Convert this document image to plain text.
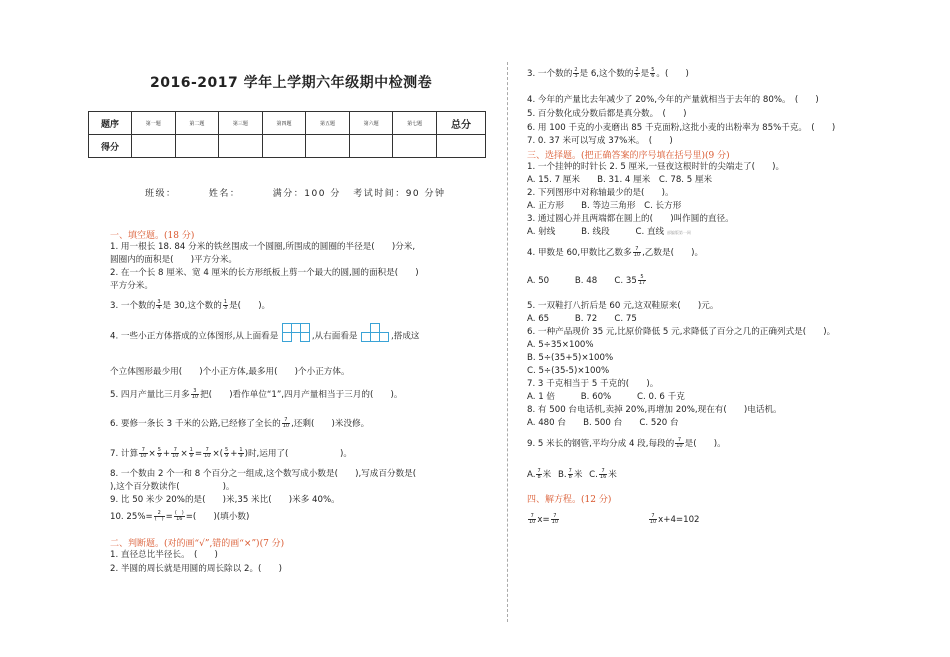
2016-2017 学年上学期六年级期中检测卷
题序	第一题	第二题	第三题	第四题	第五题	第六题	第七题	总分
得分								
班级：	姓名：	满分：100 分 考试时间：90 分钟
一、填空题。(18 分)
1. 用一根长 18. 84 分米的铁丝围成一个圆圈,所围成的圆圈的半径是(　　)分米,
圆圈内的面积是(　　)平方分米。
2. 在一个长 8 厘米、宽 4 厘米的长方形纸板上剪一个最大的圆,圆的面积是(　　)
平方分米。
3. 一个数的 $\frac{3}{4}$ 是 30,这个数的 $\frac{1}{3}$ 是(　　)。
4. 一些小正方体搭成的立体图形,从上面看是	,从右面看是	,搭成这
个立体图形最少用(　　)个小正方体,最多用(　　)个小正方体。
5. 四月产量比三月多 $\frac{3}{10}$ 把(　　)看作单位“1”,四月产量相当于三月的(　　)。
6. 要修一条长 3 千米的公路,已经修了全长的 $\frac{7}{10}$ ,还剩(　　)米没修。
7. 计算 $\frac{7}{10} \times \frac{5}{9} + \frac{7}{10} \times \frac{1}{9} = \frac{7}{10}$ ×( $\frac{5}{9} + \frac{1}{9}$ )时,运用了(　　　　　　)。
8. 一个数由 2 个一和 8 个百分之一组成,这个数写成小数是(　　),写成百分数是(
),这个百分数读作(　　　　　)。
9. 比 50 米少 20%的是(　　)米,35 米比(　　)米多 40%。
10. $25\%= \frac{2}{( )} = \frac{( )}{16}$ =(　　)(填小数)
二、判断题。(对的画“√”,错的画“×”)(7 分)
1. 直径总比半径长。　(　　)
2. 半圆的周长就是用圆的周长除以 2。(　　)
3. 一个数的 $\frac{2}{3}$ 是 6,这个数的 $\frac{2}{5}$ 是 $\frac{5}{6}$ 。(　　)
4. 今年的产量比去年减少了 20%,今年的产量就相当于去年的 80%。　(　　)
5. 百分数化成分数后都是真分数。　(　　)
6. 用 100 千克的小麦磨出 85 千克面粉,这批小麦的出粉率为 85%千克。　(　　)
7. 0. 37 米可以写成 37%米。　(　　)
三、选择题。(把正确答案的序号填在括号里)(9 分)
1. 一个挂钟的时针长 2. 5 厘米,一昼夜这根时针的尖端走了(　　)。
A. 15. 7 厘米　　B. 31. 4 厘米　C. 78. 5 厘米
2. 下列图形中对称轴最少的是(　　)。
A. 正方形　　B. 等边三角形　C. 长方形
3. 通过圆心并且两端都在圆上的(　　)叫作圆的直径。
A. 射线　　　B. 线段　　　C. 直线 部编版第一网
4. 甲数是 60,甲数比乙数多 $\frac{7}{10}$ ,乙数是(　　)。
A. 50　　　B. 48　　C. $35 \frac{5}{17}$
5. 一双鞋打八折后是 60 元,这双鞋原来(　　)元。
A. 65　　　B. 72　　C. 75
6. 一种产品现价 35 元,比原价降低 5 元,求降低了百分之几的正确列式是(　　)。
A. 5÷35×100%
B. 5÷(35+5)×100%
C. 5÷(35-5)×100%
7. 3 千克相当于 5 千克的(　　)。
A. 1 倍　　　B. 60%　　　C. 0. 6 千克
8. 有 500 台电话机,卖掉 20%,再增加 20%,现在有(　　)电话机。
A. 480 台　　B. 500 台　　C. 520 台
9. 5 米长的钢管,平均分成 4 段,每段的 $\frac{7}{10}$ 是(　　)。
A. $\frac{7}{8}$ 米 B. $\frac{7}{8}$ 米 C. $\frac{7}{16}$ 米
四、解方程。(12 分)
$\frac{7}{10} x= \frac{7}{10}$
	$\frac{7}{10} x+4=102$
